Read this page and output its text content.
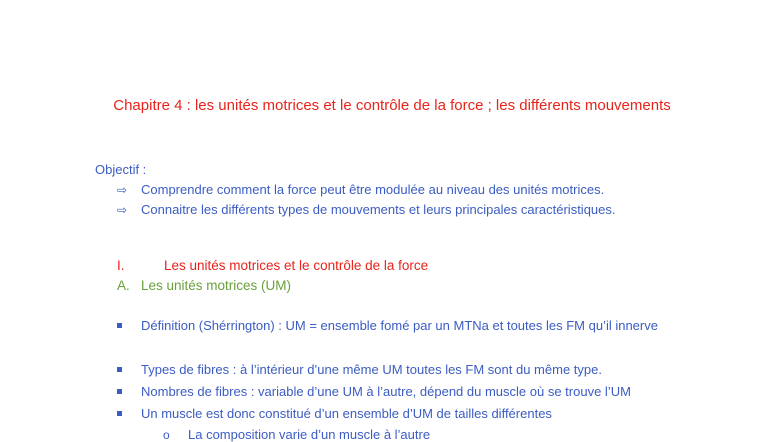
Chapitre 4 : les unités motrices et le contrôle de la force ; les différents mouvements
Objectif :
⇨ Comprendre comment la force peut être modulée au niveau des unités motrices.
⇨ Connaitre les différents types de mouvements et leurs principales caractéristiques.
I.	Les unités motrices et le contrôle de la force
A. Les unités motrices (UM)
Définition (Shérrington) : UM = ensemble fomé par un MTNa et toutes les FM qu’il innerve
Types de fibres : à l’intérieur d’une même UM toutes les FM sont du même type.
Nombres de fibres : variable d’une UM à l’autre, dépend du muscle où se trouve l’UM
Un muscle est donc constitué d’un ensemble d’UM de tailles différentes
o La composition varie d’un muscle à l’autre
